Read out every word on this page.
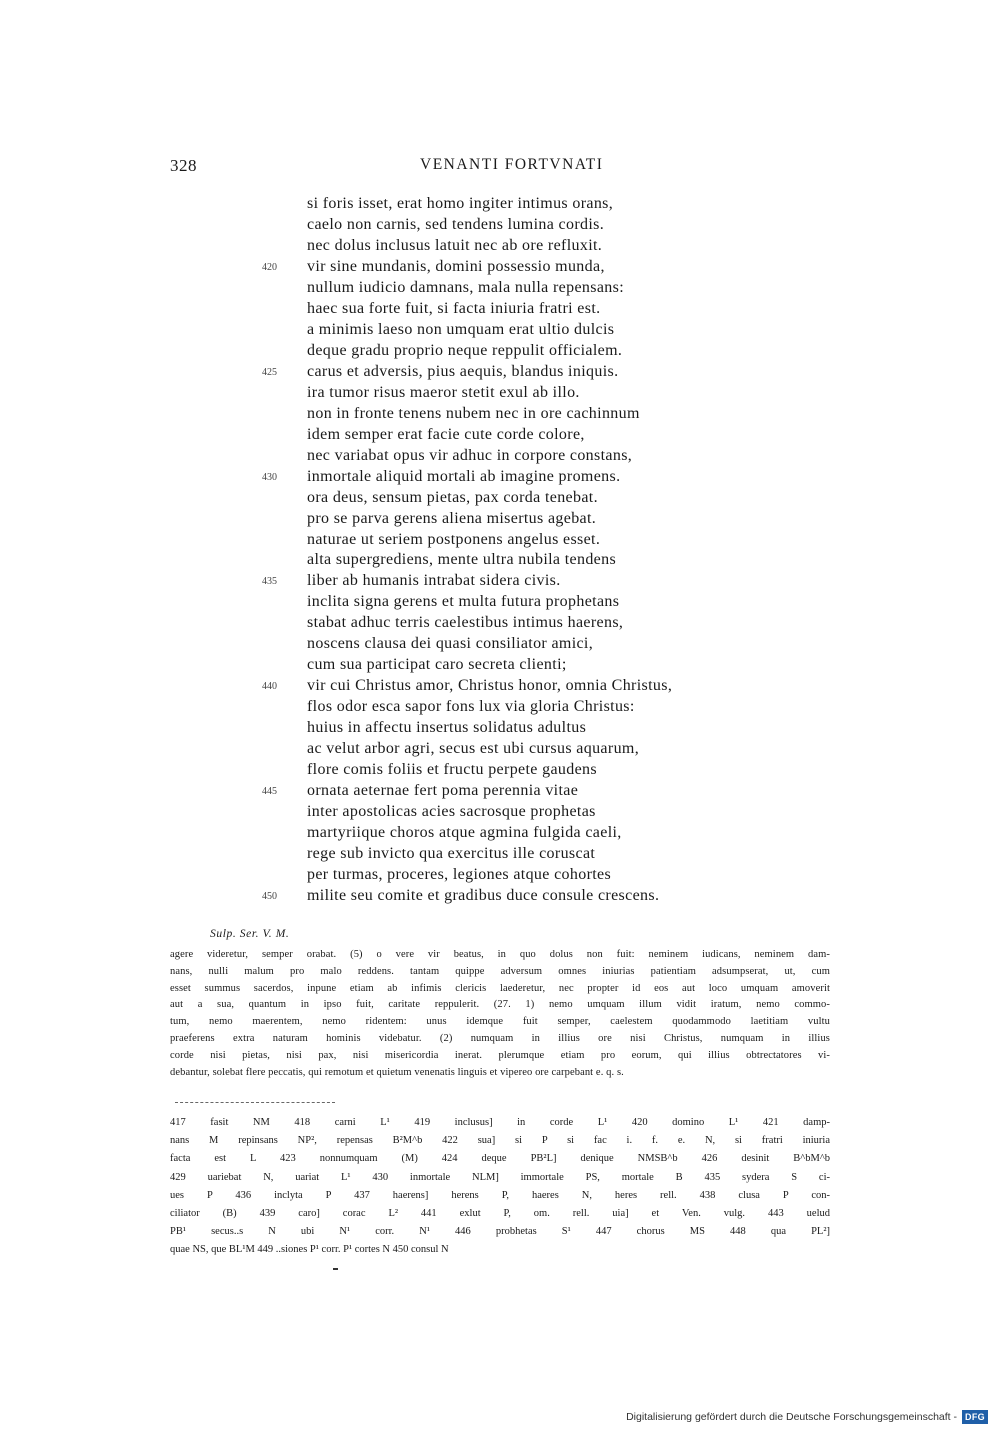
328	VENANTI FORTVNATI
si foris isset, erat homo ingiter intimus orans,
caelo non carnis, sed tendens lumina cordis.
nec dolus inclusus latuit nec ab ore refluxit.
420	vir sine mundanis, domini possessio munda,
nullum iudicio damnans, mala nulla repensans:
haec sua forte fuit, si facta iniuria fratri est.
a minimis laeso non umquam erat ultio dulcis
deque gradu proprio neque reppulit officialem.
425	carus et adversis, pius aequis, blandus iniquis.
ira tumor risus maeror stetit exul ab illo.
non in fronte tenens nubem nec in ore cachinnum
idem semper erat facie cute corde colore,
nec variabat opus vir adhuc in corpore constans,
430	inmortale aliquid mortali ab imagine promens.
ora deus, sensum pietas, pax corda tenebat.
pro se parva gerens aliena misertus agebat.
naturae ut seriem postponens angelus esset.
alta supergrediens, mente ultra nubila tendens
435	liber ab humanis intrabat sidera civis.
inclita signa gerens et multa futura prophetans
stabat adhuc terris caelestibus intimus haerens,
noscens clausa dei quasi consiliator amici,
cum sua participat caro secreta clienti;
440	vir cui Christus amor, Christus honor, omnia Christus,
flos odor esca sapor fons lux via gloria Christus:
huius in affectu insertus solidatus adultus
ac velut arbor agri, secus est ubi cursus aquarum,
flore comis foliis et fructu perpete gaudens
445	ornata aeternae fert poma perennia vitae
inter apostolicas acies sacrosque prophetas
martyriique choros atque agmina fulgida caeli,
rege sub invicto qua exercitus ille coruscat
per turmas, proceres, legiones atque cohortes
450	milite seu comite et gradibus duce consule crescens.
Sulp. Ser. V. M.
agere videretur, semper orabat. (5) o vere vir beatus, in quo dolus non fuit: neminem iudicans, neminem dam-
nans, nulli malum pro malo reddens. tantam quippe adversum omnes iniurias patientiam adsumpserat, ut, cum
esset summus sacerdos, inpune etiam ab infimis clericis laederetur, nec propter id eos aut loco umquam amoverit
aut a sua, quantum in ipso fuit, caritate reppulerit. (27. 1) nemo umquam illum vidit iratum, nemo commo-
tum, nemo maerentem, nemo ridentem: unus idemque fuit semper, caelestem quodammodo laetitiam vultu
praeferens extra naturam hominis videbatur. (2) numquam in illius ore nisi Christus, numquam in illius
corde nisi pietas, nisi pax, nisi misericordia inerat. plerumque etiam pro eorum, qui illius obtrectatores vi-
debantur, solebat flere peccatis, qui remotum et quietum venenatis linguis et vipereo ore carpebant e. q. s.
417 fasit NM 418 carni L¹ 419 inclusus] in corde L¹ 420 domino L¹ 421 damp-
nans M repinsans NP², repensas B²M^b 422 sua] si P si fac i. f. e. N, si fratri iniuria
facta est L 423 nonnumquam (M) 424 deque PB²L] denique NMSB^b 426 desinit B^bM^b
429 uariebat N, uariat L¹ 430 inmortale NLM] immortale PS, mortale B 435 sydera S ci-
ues P 436 inclyta P 437 haerens] herens P, haeres N, heres rell. 438 clusa P con-
ciliator (B) 439 caro] corac L² 441 exlut P, om. rell. uia] et Ven. vulg. 443 uelud
PB¹ secus..s N ubi N¹ corr. N¹ 446 probhetas S¹ 447 chorus MS 448 qua PL²]
quae NS, que BL¹M 449 ..siones P¹ corr. P¹ cortes N 450 consul N
Digitalisierung gefördert durch die Deutsche Forschungsgemeinschaft - DFG
